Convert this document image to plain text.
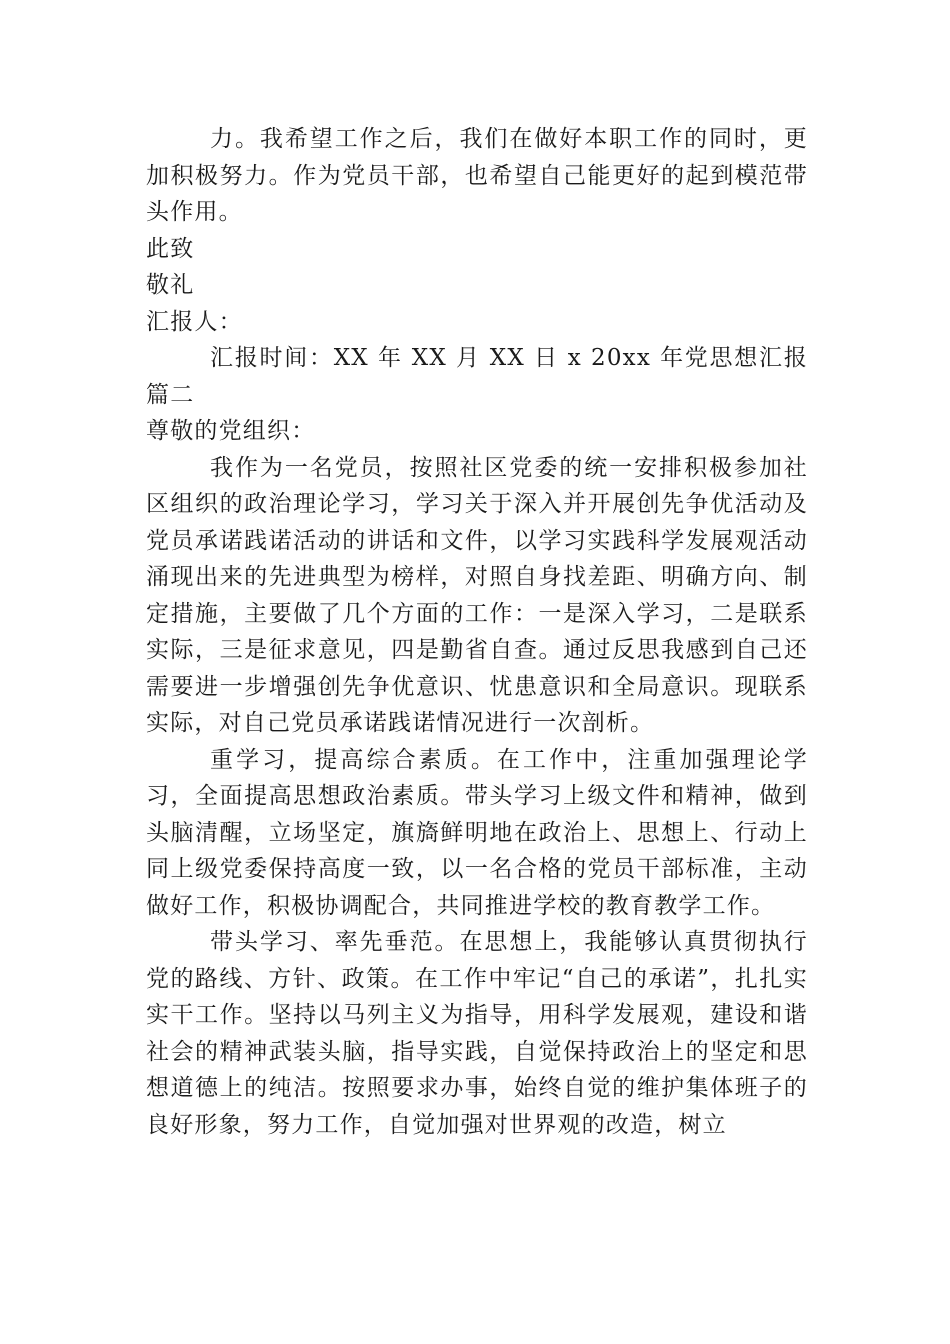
力。我希望工作之后，我们在做好本职工作的同时，更加积极努力。作为党员干部，也希望自己能更好的起到模范带头作用。

此致

敬礼

汇报人：

汇报时间：XX 年 XX 月 XX 日 x 20xx 年党思想汇报篇二

尊敬的党组织：

我作为一名党员，按照社区党委的统一安排积极参加社区组织的政治理论学习，学习关于深入并开展创先争优活动及党员承诺践诺活动的讲话和文件，以学习实践科学发展观活动涌现出来的先进典型为榜样，对照自身找差距、明确方向、制定措施，主要做了几个方面的工作：一是深入学习，二是联系实际，三是征求意见，四是勤省自查。通过反思我感到自己还需要进一步增强创先争优意识、忧患意识和全局意识。现联系实际，对自己党员承诺践诺情况进行一次剖析。

重学习，提高综合素质。在工作中，注重加强理论学习，全面提高思想政治素质。带头学习上级文件和精神，做到头脑清醒，立场坚定，旗旖鲜明地在政治上、思想上、行动上同上级党委保持高度一致，以一名合格的党员干部标准，主动做好工作，积极协调配合，共同推进学校的教育教学工作。

带头学习、率先垂范。在思想上，我能够认真贯彻执行党的路线、方针、政策。在工作中牢记“自己的承诺”，扎扎实实干工作。坚持以马列主义为指导，用科学发展观，建设和谐社会的精神武装头脑，指导实践，自觉保持政治上的坚定和思想道德上的纯洁。按照要求办事，始终自觉的维护集体班子的良好形象，努力工作，自觉加强对世界观的改造，树立
